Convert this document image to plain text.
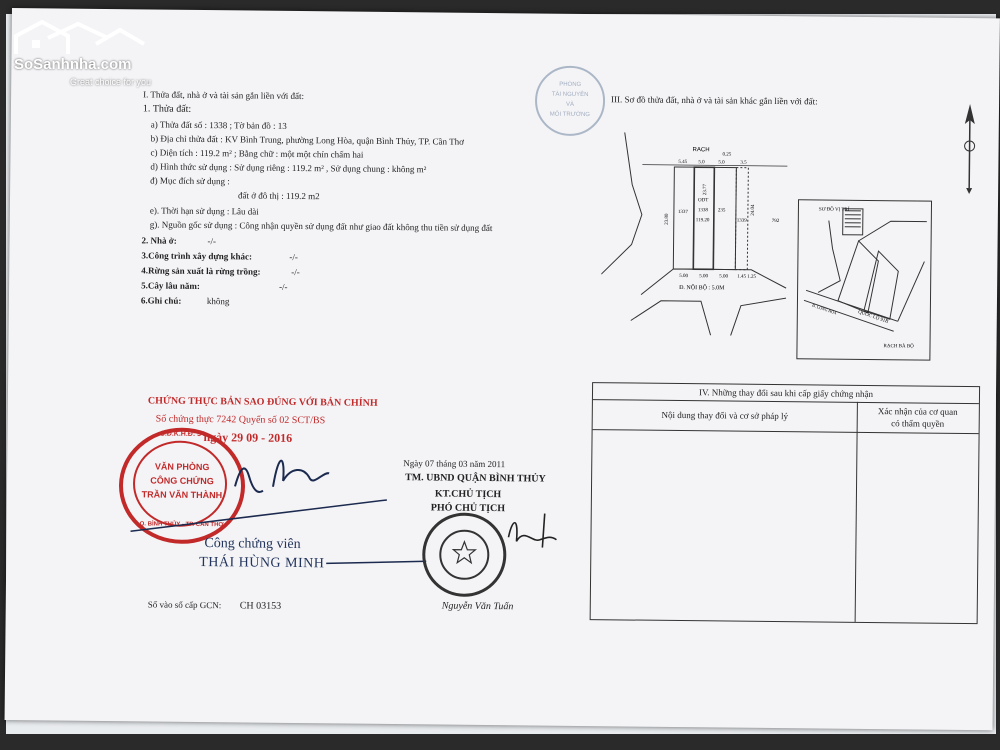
I. Thửa đất, nhà ở và tài sản gắn liền với đất:
1. Thửa đất:
a) Thửa đất số : 1338 ; Tờ bản đồ : 13
b) Địa chỉ thửa đất : KV Bình Trung, phường Long Hòa, quận Bình Thủy, TP. Cần Thơ
c) Diện tích : 119.2 m² ; Bằng chữ : một một chín chấm hai
d) Hình thức sử dụng : Sử dụng riêng : 119.2 m² , Sử dụng chung : không m²
đ) Mục đích sử dụng :
đất ở đô thị : 119.2 m2
e). Thời hạn sử dụng : Lâu dài
g). Nguồn gốc sử dụng : Công nhận quyền sử dụng đất như giao đất không thu tiền sử dụng đất
2. Nhà ở:	-/-
3.Công trình xây dựng khác:	-/-
4.Rừng sản xuất là rừng trồng:	-/-
5.Cây lâu năm:	-/-
6.Ghi chú:	không
PHÒNG
TÀI NGUYÊN
VÀ
MÔI TRƯỜNG
III. Sơ đồ thửa đất, nhà ở và tài sản khác gắn liền với đất:
RACH
5.45 5.0	5.0
0.25
3.5
1337
ODT
1338
119.20
235
1339	792
23.80
23.77
24.04
5.00 5.00 5.00 1.45 1.25
Đ. NỘI BỘ : 5.0M
SƠ ĐỒ VỊ TRÍ
QUỐC LỘ 91B
Đ. LONG HÒA
RẠCH BÀ BỘ
IV. Những thay đổi sau khi cấp giấy chứng nhận
Nội dung thay đổi và cơ sở pháp lý	Xác nhận của cơ quan
có thẩm quyền
CHỨNG THỰC BẢN SAO ĐÚNG VỚI BẢN CHÍNH
Số chứng thực 7242 Quyển số 02 SCT/BS
ngày 29 09 - 2016
S.Đ.K.H.Đ: 34
VĂN PHÒNG
CÔNG CHỨNG
TRẦN VĂN THÀNH
Q. BÌNH THỦY - TP. CẦN THƠ
Công chứng viên
THÁI HÙNG MINH
Ngày 07 tháng 03 năm 2011
TM. UBND QUẬN BÌNH THỦY
KT.CHỦ TỊCH
PHÓ CHỦ TỊCH
Nguyễn Văn Tuấn
Số vào sổ cấp GCN: CH 03153
SoSanhnha.com
Great choice for you
